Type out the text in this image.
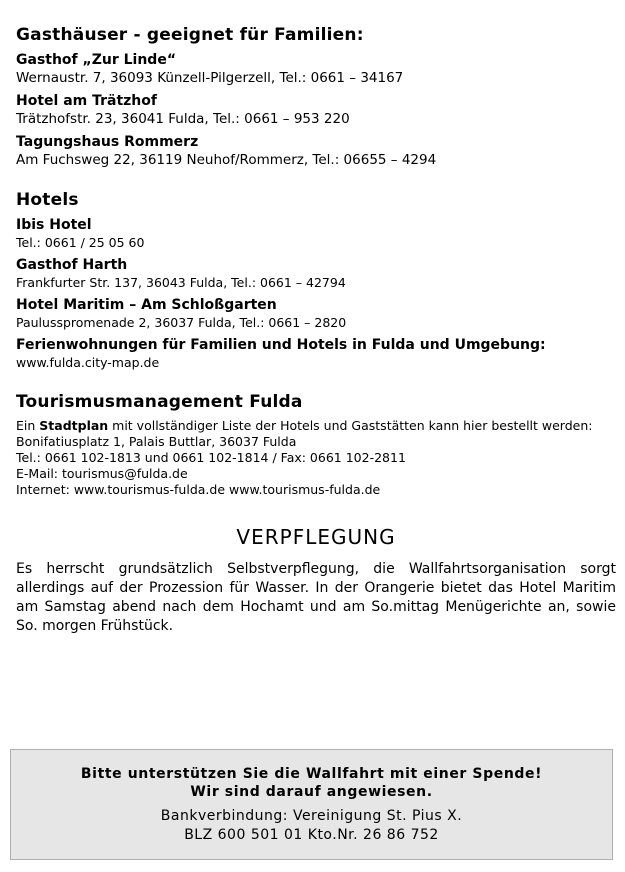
Gasthäuser - geeignet für Familien:

Gasthof „Zur Linde“

Wernaustr. 7, 36093 Künzell-Pilgerzell, Tel.: 0661 – 34167

Hotel am Trätzhof

Trätzhofstr. 23, 36041 Fulda, Tel.: 0661 – 953 220

Tagungshaus Rommerz

Am Fuchsweg 22, 36119 Neuhof/Rommerz, Tel.: 06655 – 4294

Hotels

Ibis Hotel

Tel.: 0661 / 25 05 60

Gasthof Harth

Frankfurter Str. 137, 36043 Fulda, Tel.: 0661 – 42794

Hotel Maritim – Am Schloßgarten

Paulusspromenade 2, 36037 Fulda, Tel.: 0661 – 2820

Ferienwohnungen für Familien und Hotels in Fulda und Umgebung:

www.fulda.city-map.de

Tourismusmanagement Fulda

Ein Stadtplan mit vollständiger Liste der Hotels und Gaststätten kann hier bestellt werden:

Bonifatiusplatz 1, Palais Buttlar, 36037 Fulda

Tel.: 0661 102-1813 und 0661 102-1814 / Fax: 0661 102-2811

E-Mail: tourismus@fulda.de

Internet: www.tourismus-fulda.de www.tourismus-fulda.de

VERPFLEGUNG

Es herrscht grundsätzlich Selbstverpflegung, die Wallfahrtsorganisation sorgt allerdings auf der Prozession für Wasser. In der Orangerie bietet das Hotel Maritim am Samstag abend nach dem Hochamt und am So.mittag Menügerichte an, sowie So. morgen Frühstück.

Bitte unterstützen Sie die Wallfahrt mit einer Spende!

Wir sind darauf angewiesen.

Bankverbindung: Vereinigung St. Pius X.

BLZ 600 501 01 Kto.Nr. 26 86 752
